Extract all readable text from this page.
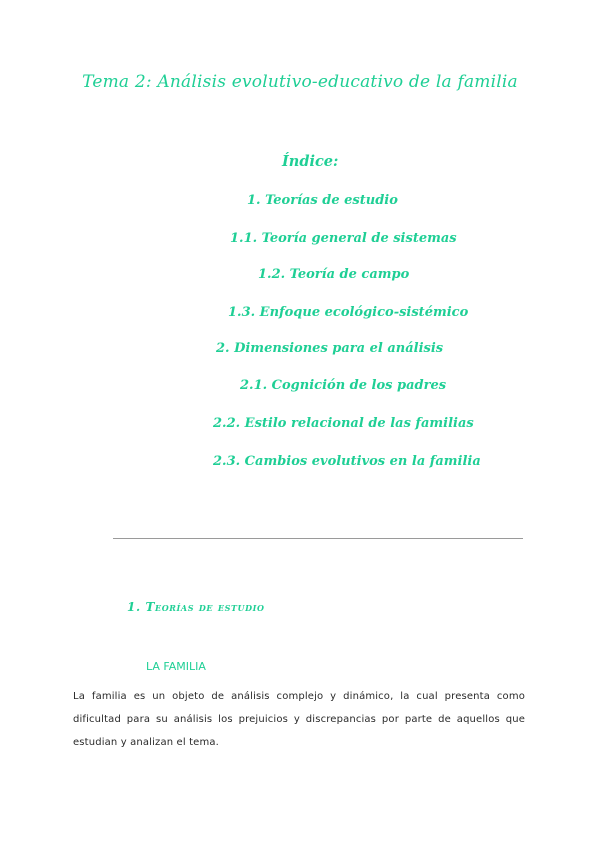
Tema 2: Análisis evolutivo-educativo de la familia
Índice:
1. Teorías de estudio
1.1. Teoría general de sistemas
1.2. Teoría de campo
1.3. Enfoque ecológico-sistémico
2. Dimensiones para el análisis
2.1. Cognición de los padres
2.2. Estilo relacional de las familias
2.3. Cambios evolutivos en la familia
1. Teorías de estudio
LA FAMILIA
La familia es un objeto de análisis complejo y dinámico, la cual presenta como dificultad para su análisis los prejuicios y discrepancias por parte de aquellos que estudian y analizan el tema.
